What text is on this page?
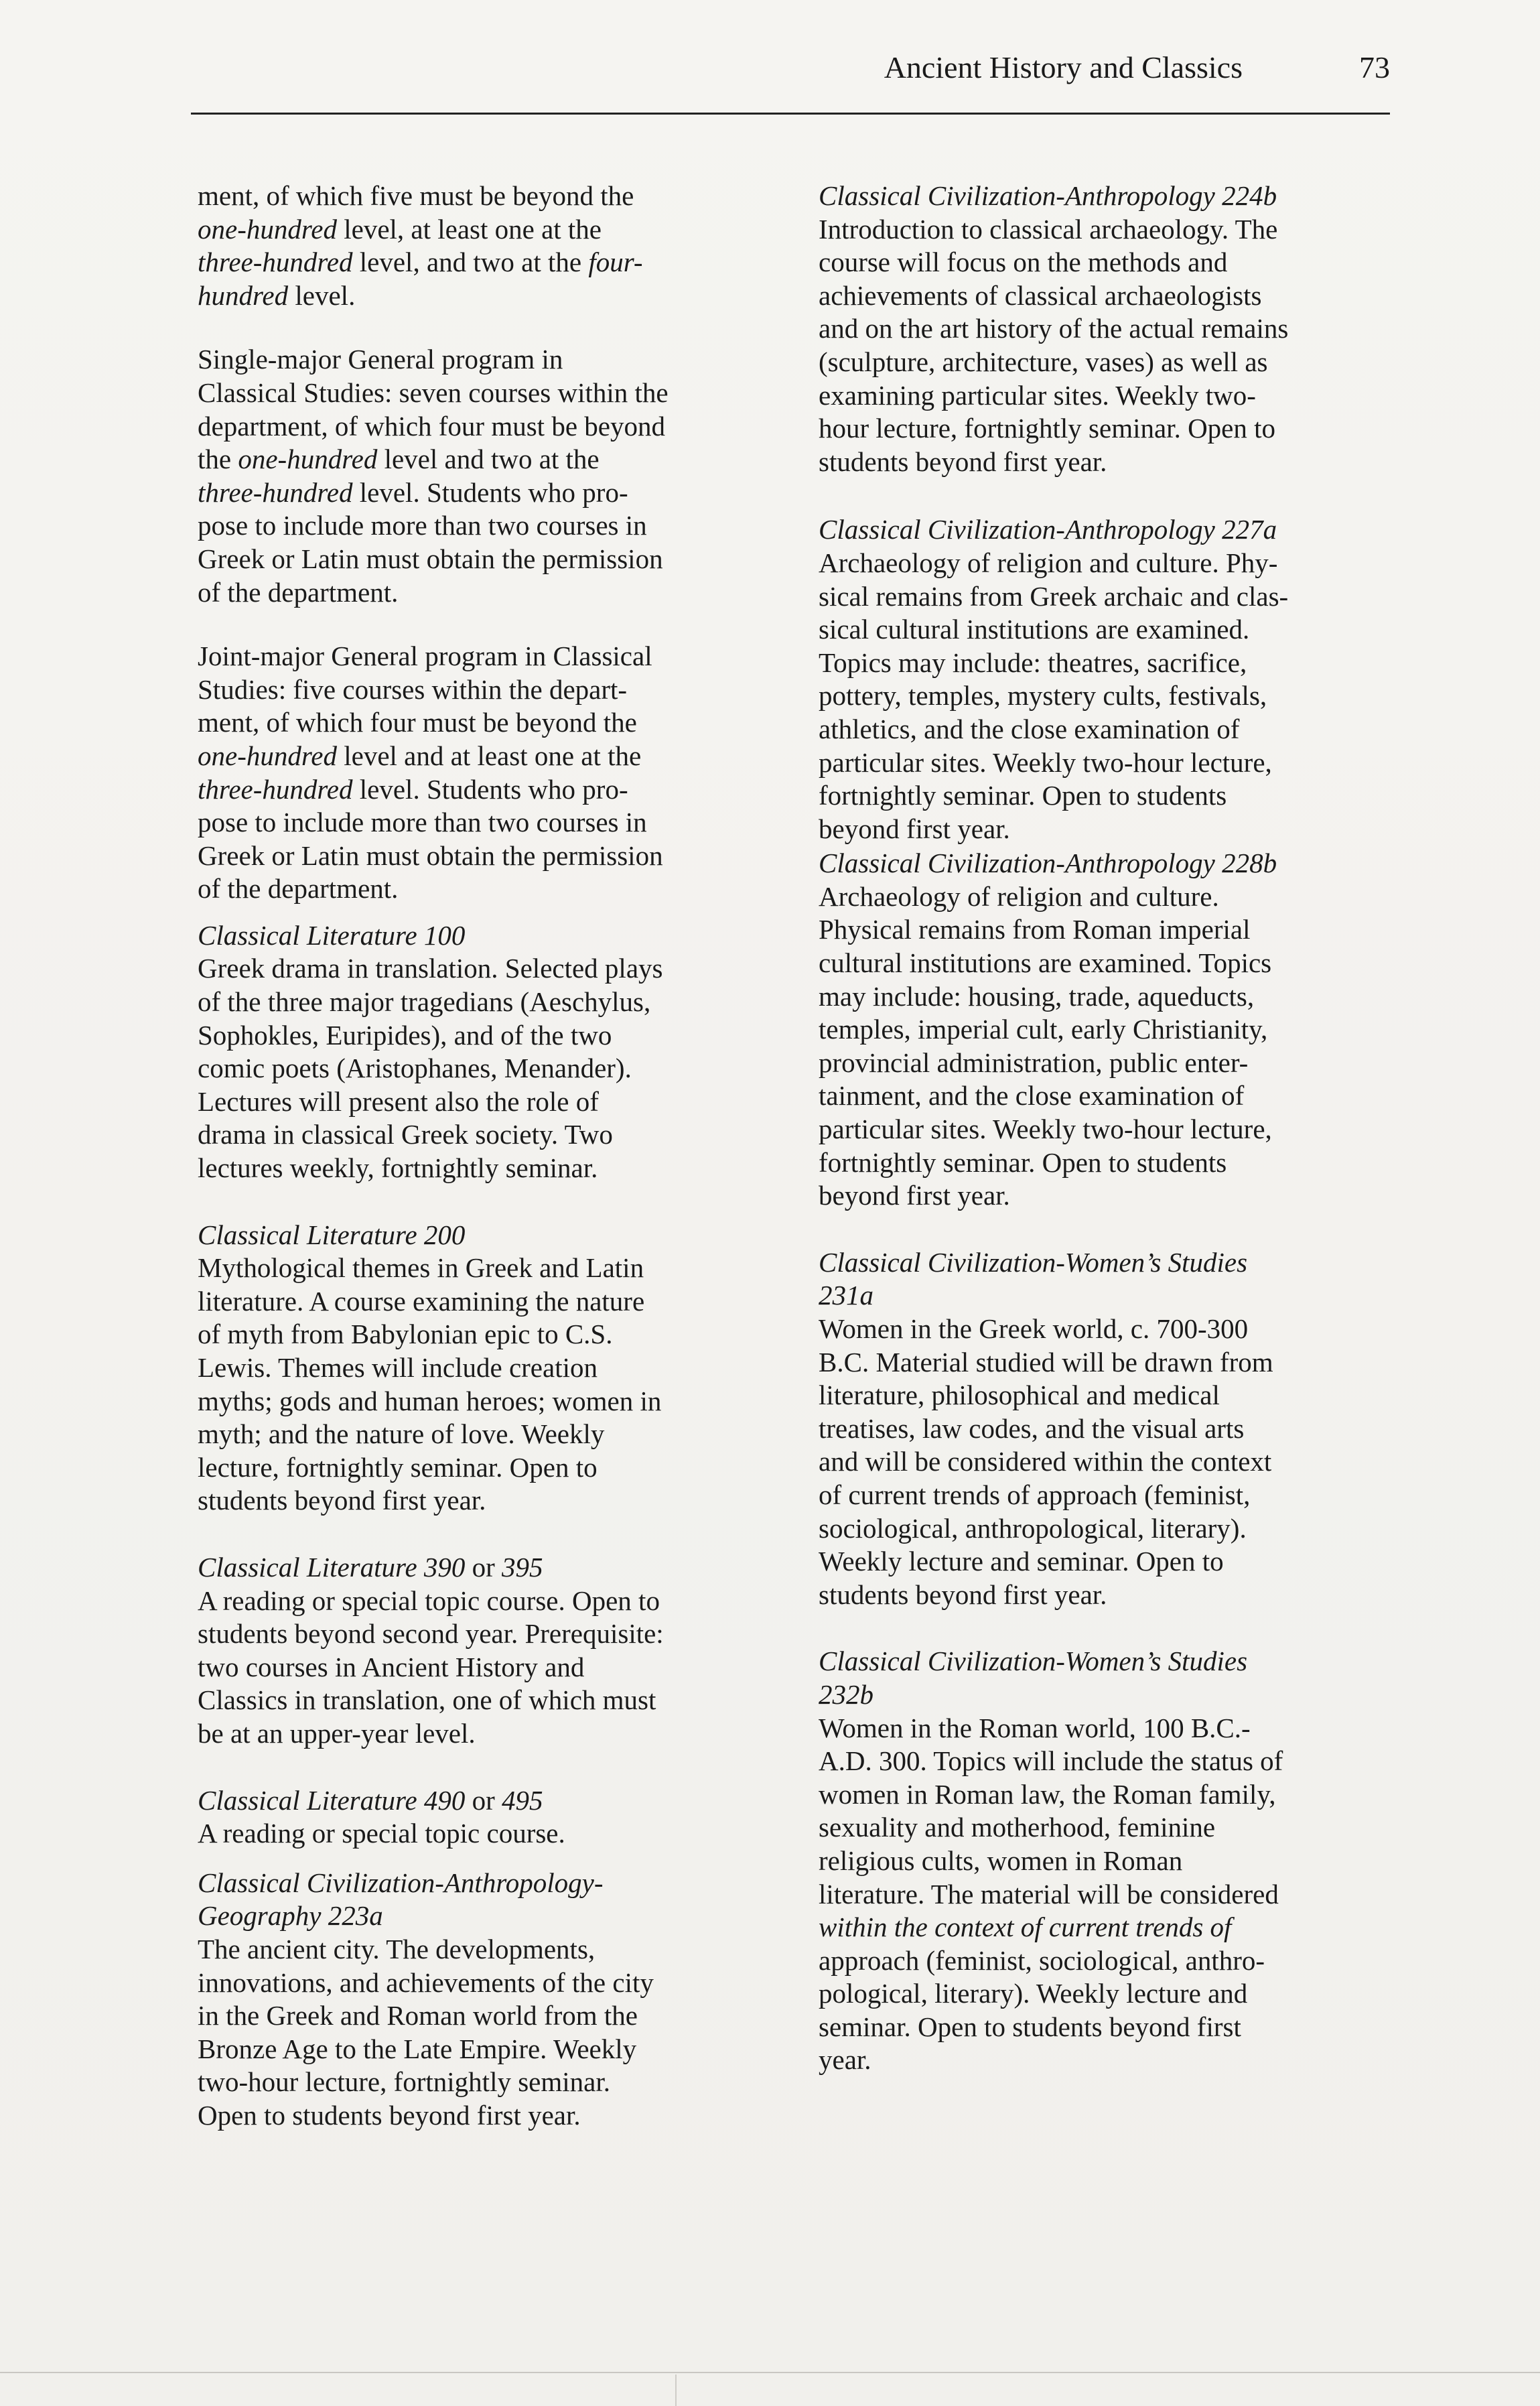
Ancient History and Classics	73
ment, of which five must be beyond the
one-hundred level, at least one at the
three-hundred level, and two at the four-
hundred level.
Single-major General program in
Classical Studies: seven courses within the
department, of which four must be beyond
the one-hundred level and two at the
three-hundred level. Students who pro-
pose to include more than two courses in
Greek or Latin must obtain the permission
of the department.
Joint-major General program in Classical
Studies: five courses within the depart-
ment, of which four must be beyond the
one-hundred level and at least one at the
three-hundred level. Students who pro-
pose to include more than two courses in
Greek or Latin must obtain the permission
of the department.
Classical Literature 100
Greek drama in translation. Selected plays
of the three major tragedians (Aeschylus,
Sophokles, Euripides), and of the two
comic poets (Aristophanes, Menander).
Lectures will present also the role of
drama in classical Greek society. Two
lectures weekly, fortnightly seminar.
Classical Literature 200
Mythological themes in Greek and Latin
literature. A course examining the nature
of myth from Babylonian epic to C.S.
Lewis. Themes will include creation
myths; gods and human heroes; women in
myth; and the nature of love. Weekly
lecture, fortnightly seminar. Open to
students beyond first year.
Classical Literature 390 or 395
A reading or special topic course. Open to
students beyond second year. Prerequisite:
two courses in Ancient History and
Classics in translation, one of which must
be at an upper-year level.
Classical Literature 490 or 495
A reading or special topic course.
Classical Civilization-Anthropology-
Geography 223a
The ancient city. The developments,
innovations, and achievements of the city
in the Greek and Roman world from the
Bronze Age to the Late Empire. Weekly
two-hour lecture, fortnightly seminar.
Open to students beyond first year.
Classical Civilization-Anthropology 224b
Introduction to classical archaeology. The
course will focus on the methods and
achievements of classical archaeologists
and on the art history of the actual remains
(sculpture, architecture, vases) as well as
examining particular sites. Weekly two-
hour lecture, fortnightly seminar. Open to
students beyond first year.
Classical Civilization-Anthropology 227a
Archaeology of religion and culture. Phy-
sical remains from Greek archaic and clas-
sical cultural institutions are examined.
Topics may include: theatres, sacrifice,
pottery, temples, mystery cults, festivals,
athletics, and the close examination of
particular sites. Weekly two-hour lecture,
fortnightly seminar. Open to students
beyond first year.
Classical Civilization-Anthropology 228b
Archaeology of religion and culture.
Physical remains from Roman imperial
cultural institutions are examined. Topics
may include: housing, trade, aqueducts,
temples, imperial cult, early Christianity,
provincial administration, public enter-
tainment, and the close examination of
particular sites. Weekly two-hour lecture,
fortnightly seminar. Open to students
beyond first year.
Classical Civilization-Women’s Studies
231a
Women in the Greek world, c. 700-300
B.C. Material studied will be drawn from
literature, philosophical and medical
treatises, law codes, and the visual arts
and will be considered within the context
of current trends of approach (feminist,
sociological, anthropological, literary).
Weekly lecture and seminar. Open to
students beyond first year.
Classical Civilization-Women’s Studies
232b
Women in the Roman world, 100 B.C.-
A.D. 300. Topics will include the status of
women in Roman law, the Roman family,
sexuality and motherhood, feminine
religious cults, women in Roman
literature. The material will be considered
within the context of current trends of
approach (feminist, sociological, anthro-
pological, literary). Weekly lecture and
seminar. Open to students beyond first
year.
